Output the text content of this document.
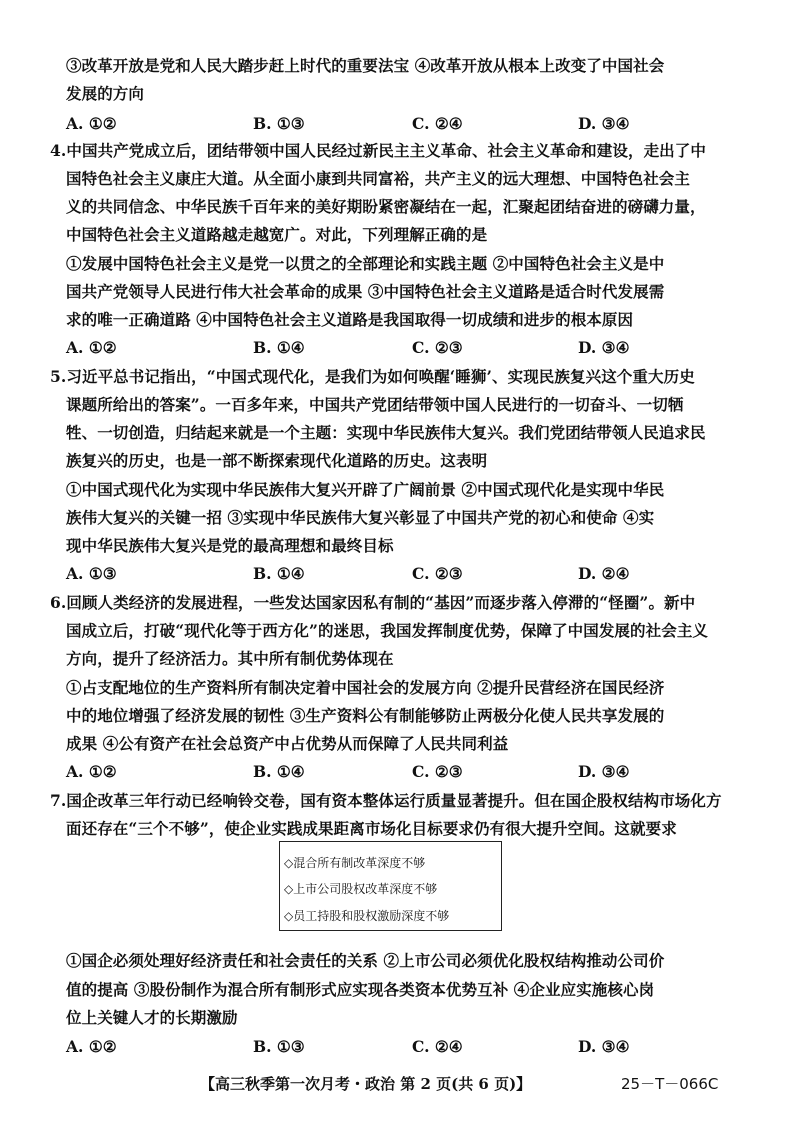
③改革开放是党和人民大踏步赶上时代的重要法宝 ④改革开放从根本上改变了中国社会
发展的方向
A. ①②	B. ①③	C. ②④	D. ③④
4.中国共产党成立后，团结带领中国人民经过新民主主义革命、社会主义革命和建设，走出了中
国特色社会主义康庄大道。从全面小康到共同富裕，共产主义的远大理想、中国特色社会主
义的共同信念、中华民族千百年来的美好期盼紧密凝结在一起，汇聚起团结奋进的磅礴力量，
中国特色社会主义道路越走越宽广。对此，下列理解正确的是
①发展中国特色社会主义是党一以贯之的全部理论和实践主题 ②中国特色社会主义是中
国共产党领导人民进行伟大社会革命的成果 ③中国特色社会主义道路是适合时代发展需
求的唯一正确道路 ④中国特色社会主义道路是我国取得一切成绩和进步的根本原因
A. ①②	B. ①④	C. ②③	D. ③④
5.习近平总书记指出，“中国式现代化，是我们为如何唤醒‘睡狮’、实现民族复兴这个重大历史
课题所给出的答案”。一百多年来，中国共产党团结带领中国人民进行的一切奋斗、一切牺
牲、一切创造，归结起来就是一个主题：实现中华民族伟大复兴。我们党团结带领人民追求民
族复兴的历史，也是一部不断探索现代化道路的历史。这表明
①中国式现代化为实现中华民族伟大复兴开辟了广阔前景 ②中国式现代化是实现中华民
族伟大复兴的关键一招 ③实现中华民族伟大复兴彰显了中国共产党的初心和使命 ④实
现中华民族伟大复兴是党的最高理想和最终目标
A. ①③	B. ①④	C. ②③	D. ②④
6.回顾人类经济的发展进程，一些发达国家因私有制的“基因”而逐步落入停滞的“怪圈”。新中
国成立后，打破“现代化等于西方化”的迷思，我国发挥制度优势，保障了中国发展的社会主义
方向，提升了经济活力。其中所有制优势体现在
①占支配地位的生产资料所有制决定着中国社会的发展方向 ②提升民营经济在国民经济
中的地位增强了经济发展的韧性 ③生产资料公有制能够防止两极分化使人民共享发展的
成果 ④公有资产在社会总资产中占优势从而保障了人民共同利益
A. ①②	B. ①④	C. ②③	D. ③④
7.国企改革三年行动已经响铃交卷，国有资本整体运行质量显著提升。但在国企股权结构市场化方
面还存在“三个不够”，使企业实践成果距离市场化目标要求仍有很大提升空间。这就要求
◇混合所有制改革深度不够
◇上市公司股权改革深度不够
◇员工持股和股权激励深度不够
①国企必须处理好经济责任和社会责任的关系 ②上市公司必须优化股权结构推动公司价
值的提高 ③股份制作为混合所有制形式应实现各类资本优势互补 ④企业应实施核心岗
位上关键人才的长期激励
A. ①②	B. ①③	C. ②④	D. ③④
【高三秋季第一次月考・政治 第 2 页(共 6 页)】	25－T－066C
